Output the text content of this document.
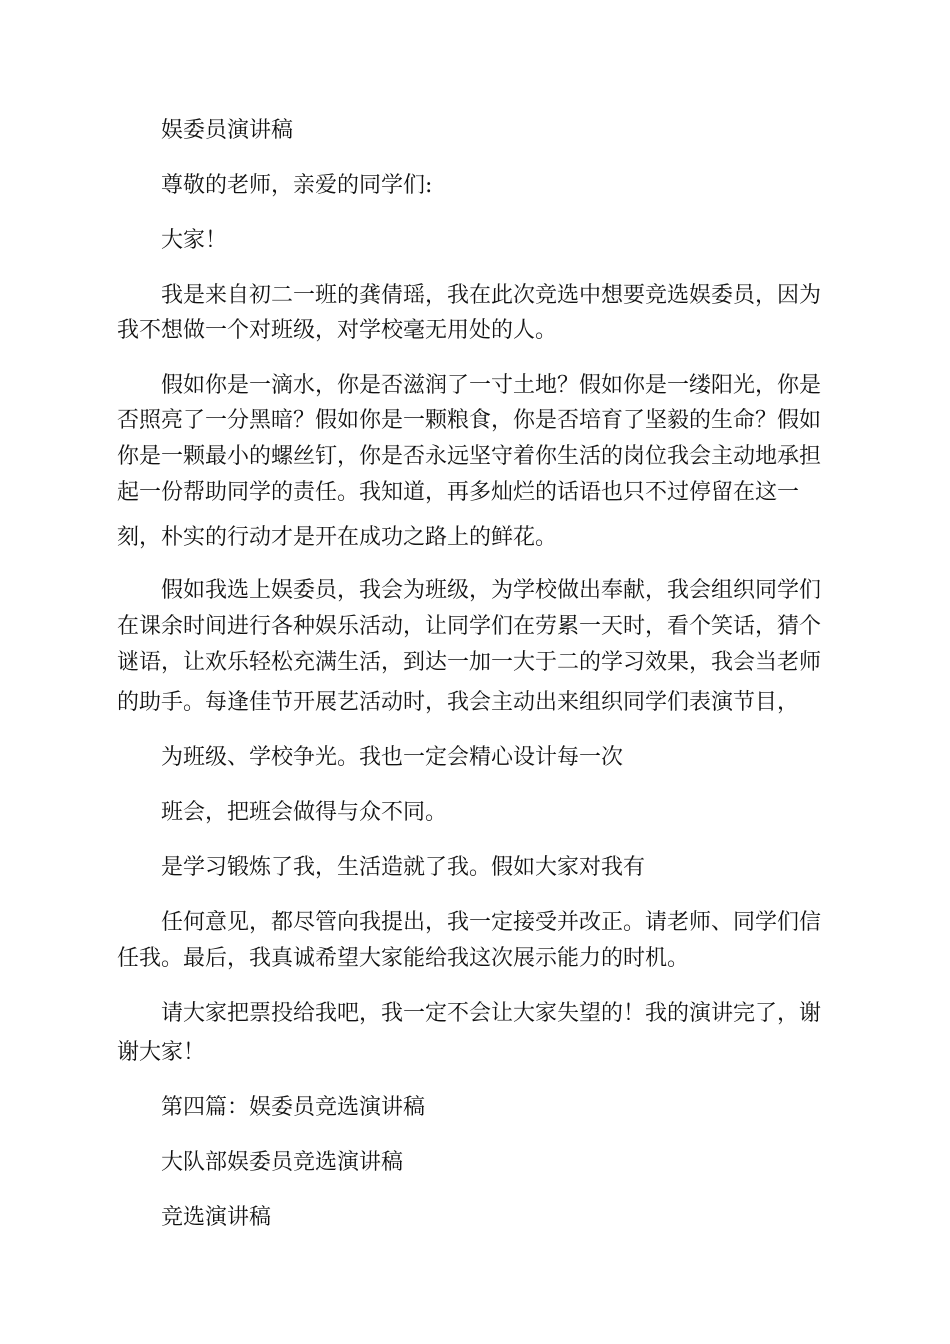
娱委员演讲稿

尊敬的老师，亲爱的同学们:

大家！

我是来自初二一班的龚倩瑶，我在此次竞选中想要竞选娱委员，因为

我不想做一个对班级，对学校毫无用处的人。

假如你是一滴水，你是否滋润了一寸土地？假如你是一缕阳光，你是

否照亮了一分黑暗？假如你是一颗粮食，你是否培育了坚毅的生命？假如

你是一颗最小的螺丝钉，你是否永远坚守着你生活的岗位我会主动地承担

起一份帮助同学的责任。我知道，再多灿烂的话语也只不过停留在这一

刻，朴实的行动才是开在成功之路上的鲜花。

假如我选上娱委员，我会为班级，为学校做出奉献，我会组织同学们

在课余时间进行各种娱乐活动，让同学们在劳累一天时，看个笑话，猜个

谜语，让欢乐轻松充满生活，到达一加一大于二的学习效果，我会当老师

的助手。每逢佳节开展艺活动时，我会主动出来组织同学们表演节目，

为班级、学校争光。我也一定会精心设计每一次

班会，把班会做得与众不同。

是学习锻炼了我，生活造就了我。假如大家对我有

任何意见，都尽管向我提出，我一定接受并改正。请老师、同学们信

任我。最后，我真诚希望大家能给我这次展示能力的时机。

请大家把票投给我吧，我一定不会让大家失望的！我的演讲完了，谢

谢大家！

第四篇：娱委员竞选演讲稿

大队部娱委员竞选演讲稿

竞选演讲稿
